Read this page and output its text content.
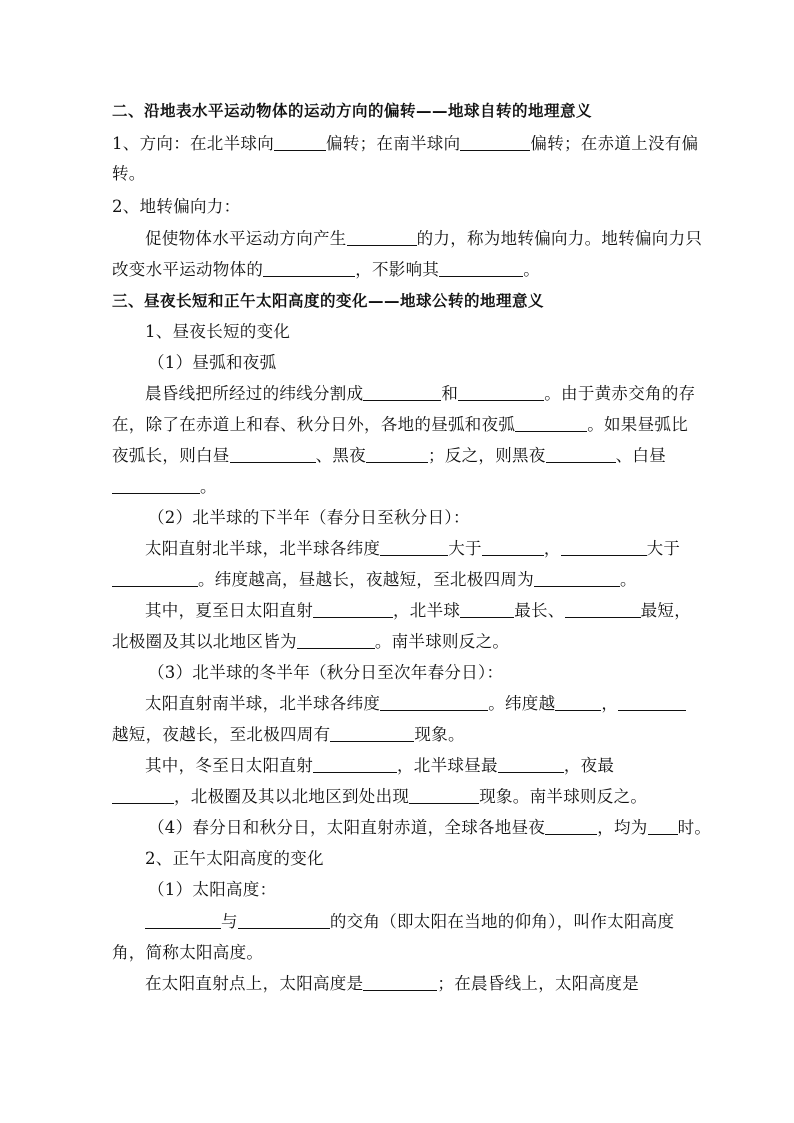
二、沿地表水平运动物体的运动方向的偏转——地球自转的地理意义
1、方向：在北半球向	偏转；在南半球向	偏转；在赤道上没有偏
转。
2、地转偏向力：
促使物体水平运动方向产生	的力，称为地转偏向力。地转偏向力只
改变水平运动物体的	，不影响其	。
三、昼夜长短和正午太阳高度的变化——地球公转的地理意义
1、昼夜长短的变化
（1）昼弧和夜弧
晨昏线把所经过的纬线分割成	和	。由于黄赤交角的存
在，除了在赤道上和春、秋分日外，各地的昼弧和夜弧	。如果昼弧比
夜弧长，则白昼	、黑夜	；反之，则黑夜	、白昼
。
（2）北半球的下半年（春分日至秋分日）：
太阳直射北半球，北半球各纬度	大于	，	大于
。纬度越高，昼越长，夜越短，至北极四周为	。
其中，夏至日太阳直射	，北半球	最长、	最短，
北极圈及其以北地区皆为	。南半球则反之。
（3）北半球的冬半年（秋分日至次年春分日）：
太阳直射南半球，北半球各纬度	。纬度越	，
越短，夜越长，至北极四周有	现象。
其中，冬至日太阳直射	，北半球昼最	，夜最
，北极圈及其以北地区到处出现	现象。南半球则反之。
（4）春分日和秋分日，太阳直射赤道，全球各地昼夜	，均为 时。
2、正午太阳高度的变化
（1）太阳高度：
与	的交角（即太阳在当地的仰角），叫作太阳高度
角，简称太阳高度。
在太阳直射点上，太阳高度是	；在晨昏线上，太阳高度是
